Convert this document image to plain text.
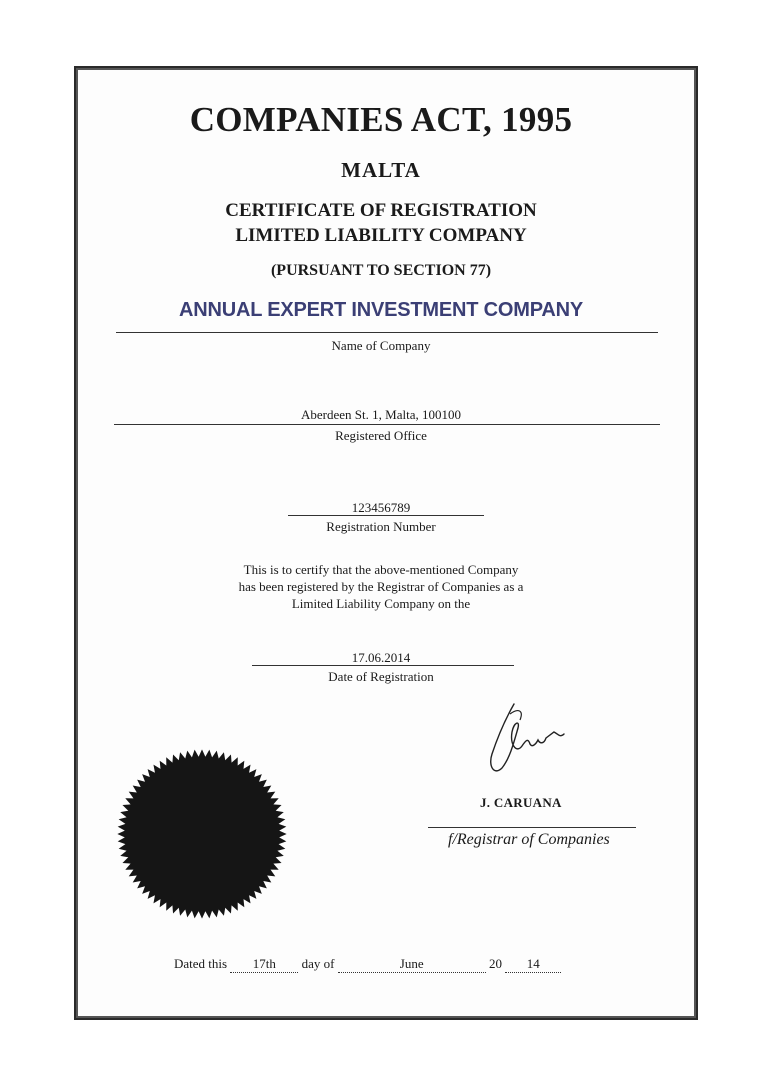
COMPANIES ACT, 1995
MALTA
CERTIFICATE OF REGISTRATION
LIMITED LIABILITY COMPANY
(PURSUANT TO SECTION 77)
ANNUAL EXPERT INVESTMENT COMPANY
Name of Company
Aberdeen St. 1, Malta, 100100
Registered Office
123456789
Registration Number
This is to certify that the above-mentioned Company
has been registered by the Registrar of Companies as a
Limited Liability Company on the
17.06.2014
Date of Registration
J. CARUANA
f/Registrar of Companies
Dated this 17th day of	June	20 14
